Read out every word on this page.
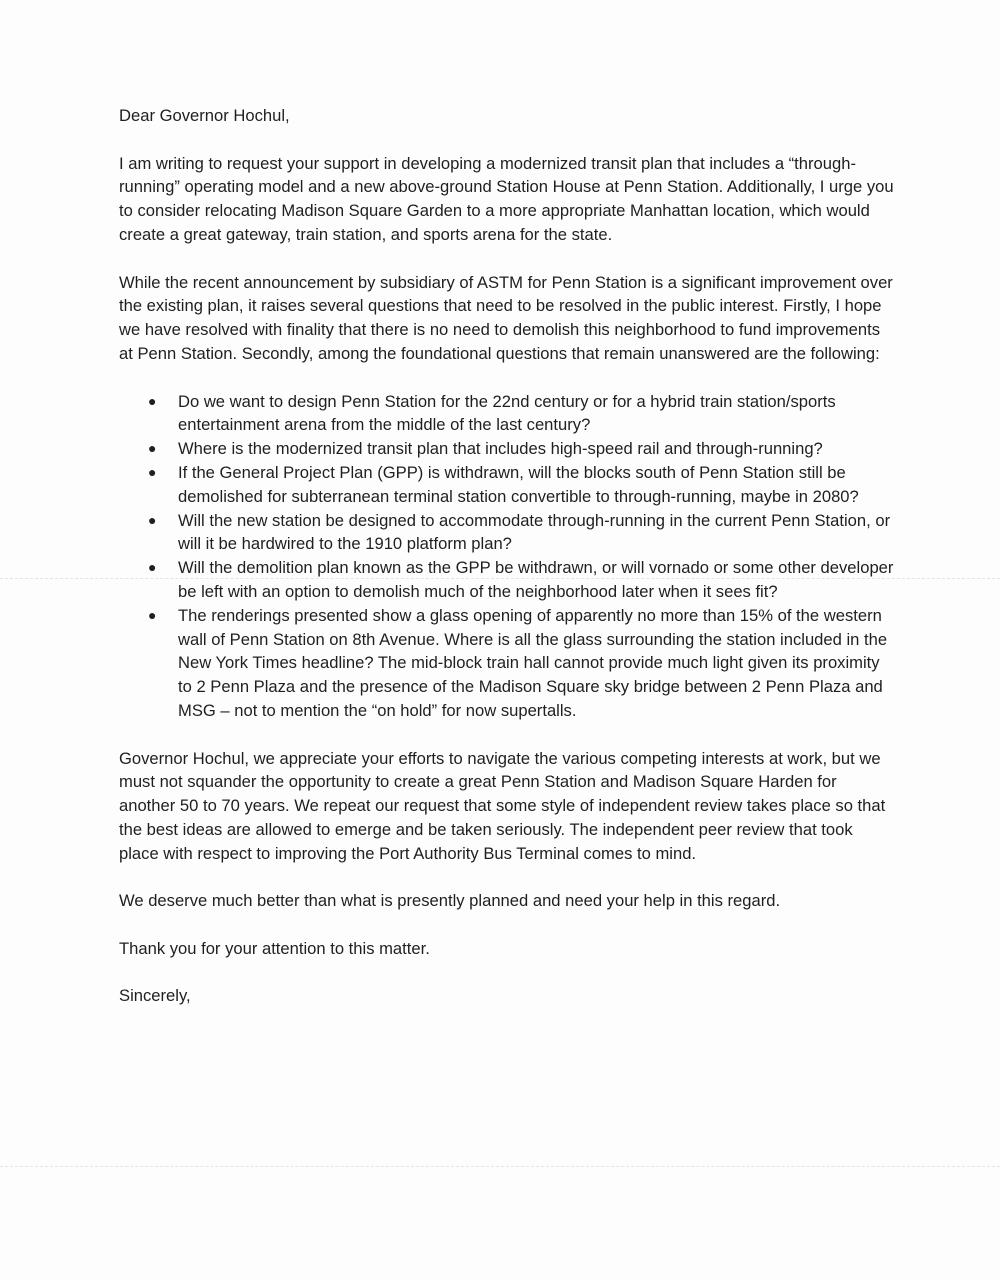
Dear Governor Hochul,

I am writing to request your support in developing a modernized transit plan that includes a “through-running” operating model and a new above-ground Station House at Penn Station. Additionally, I urge you to consider relocating Madison Square Garden to a more appropriate Manhattan location, which would create a great gateway, train station, and sports arena for the state.

While the recent announcement by subsidiary of ASTM for Penn Station is a significant improvement over the existing plan, it raises several questions that need to be resolved in the public interest. Firstly, I hope we have resolved with finality that there is no need to demolish this neighborhood to fund improvements at Penn Station. Secondly, among the foundational questions that remain unanswered are the following:

● Do we want to design Penn Station for the 22nd century or for a hybrid train station/sports entertainment arena from the middle of the last century?
● Where is the modernized transit plan that includes high-speed rail and through-running?
● If the General Project Plan (GPP) is withdrawn, will the blocks south of Penn Station still be demolished for subterranean terminal station convertible to through-running, maybe in 2080?
● Will the new station be designed to accommodate through-running in the current Penn Station, or will it be hardwired to the 1910 platform plan?
● Will the demolition plan known as the GPP be withdrawn, or will vornado or some other developer be left with an option to demolish much of the neighborhood later when it sees fit?
● The renderings presented show a glass opening of apparently no more than 15% of the western wall of Penn Station on 8th Avenue. Where is all the glass surrounding the station included in the New York Times headline? The mid-block train hall cannot provide much light given its proximity to 2 Penn Plaza and the presence of the Madison Square sky bridge between 2 Penn Plaza and MSG – not to mention the “on hold” for now supertalls.

Governor Hochul, we appreciate your efforts to navigate the various competing interests at work, but we must not squander the opportunity to create a great Penn Station and Madison Square Harden for another 50 to 70 years. We repeat our request that some style of independent review takes place so that the best ideas are allowed to emerge and be taken seriously. The independent peer review that took place with respect to improving the Port Authority Bus Terminal comes to mind.

We deserve much better than what is presently planned and need your help in this regard.

Thank you for your attention to this matter.

Sincerely,
